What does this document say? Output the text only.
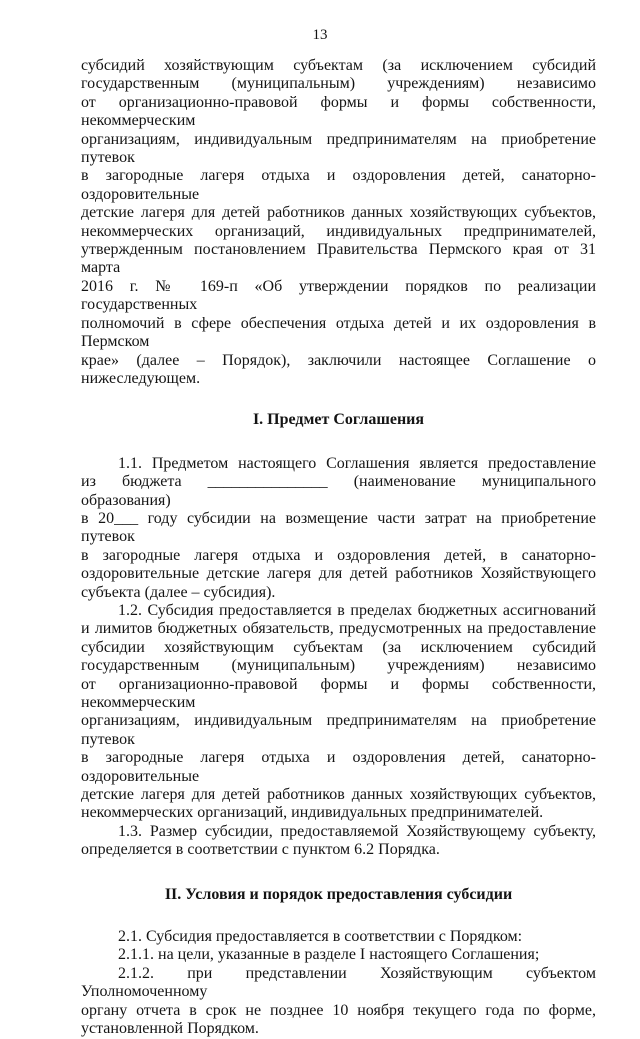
13

субсидий хозяйствующим субъектам (за исключением субсидий

государственным (муниципальным) учреждениям) независимо

от организационно-правовой формы и формы собственности, некоммерческим

организациям, индивидуальным предпринимателям на приобретение путевок

в загородные лагеря отдыха и оздоровления детей, санаторно-оздоровительные

детские лагеря для детей работников данных хозяйствующих субъектов,

некоммерческих организаций, индивидуальных предпринимателей,

утвержденным постановлением Правительства Пермского края от 31 марта

2016 г. № 169-п «Об утверждении порядков по реализации государственных

полномочий в сфере обеспечения отдыха детей и их оздоровления в Пермском

крае» (далее – Порядок), заключили настоящее Соглашение о нижеследующем.

I. Предмет Соглашения

1.1. Предметом настоящего Соглашения является предоставление

из бюджета _______________ (наименование муниципального образования)

в 20___ году субсидии на возмещение части затрат на приобретение путевок

в загородные лагеря отдыха и оздоровления детей, в санаторно-

оздоровительные детские лагеря для детей работников Хозяйствующего

субъекта (далее – субсидия).

1.2. Субсидия предоставляется в пределах бюджетных ассигнований

и лимитов бюджетных обязательств, предусмотренных на предоставление

субсидии хозяйствующим субъектам (за исключением субсидий

государственным (муниципальным) учреждениям) независимо

от организационно-правовой формы и формы собственности, некоммерческим

организациям, индивидуальным предпринимателям на приобретение путевок

в загородные лагеря отдыха и оздоровления детей, санаторно-оздоровительные

детские лагеря для детей работников данных хозяйствующих субъектов,

некоммерческих организаций, индивидуальных предпринимателей.

1.3. Размер субсидии, предоставляемой Хозяйствующему субъекту,

определяется в соответствии с пунктом 6.2 Порядка.

II. Условия и порядок предоставления субсидии

2.1. Субсидия предоставляется в соответствии с Порядком:

2.1.1. на цели, указанные в разделе I настоящего Соглашения;

2.1.2. при представлении Хозяйствующим субъектом Уполномоченному

органу отчета в срок не позднее 10 ноября текущего года по форме,

установленной Порядком.
